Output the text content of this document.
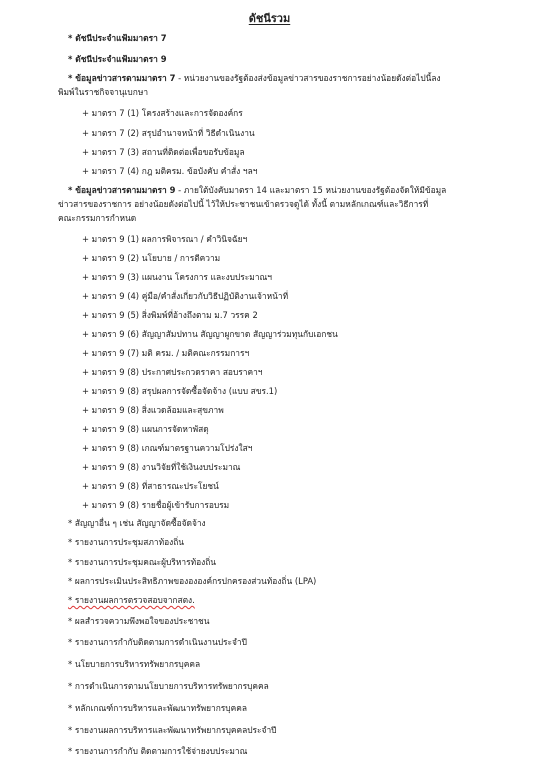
ดัชนีรวม
* ดัชนีประจำแฟ้มมาตรา 7
* ดัชนีประจำแฟ้มมาตรา 9
* ข้อมูลข่าวสารตามมาตรา 7 - หน่วยงานของรัฐต้องส่งข้อมูลข่าวสารของราชการอย่างน้อยดังต่อไปนี้ลง
พิมพ์ในราชกิจจานุเบกษา
+ มาตรา 7 (1) โครงสร้างและการจัดองค์กร
+ มาตรา 7 (2) สรุปอำนาจหน้าที่ วิธีดำเนินงาน
+ มาตรา 7 (3) สถานที่ติดต่อเพื่อขอรับข้อมูล
+ มาตรา 7 (4) กฎ มติครม. ข้อบังคับ คำสั่ง ฯลฯ
* ข้อมูลข่าวสารตามมาตรา 9 - ภายใต้บังคับมาตรา 14 และมาตรา 15 หน่วยงานของรัฐต้องจัดให้มีข้อมูล
ข่าวสารของราชการ อย่างน้อยดังต่อไปนี้ ไว้ให้ประชาชนเข้าตรวจดูได้ ทั้งนี้ ตามหลักเกณฑ์และวิธีการที่
คณะกรรมการกำหนด
+ มาตรา 9 (1) ผลการพิจารณา / คำวินิจฉัยฯ
+ มาตรา 9 (2) นโยบาย / การตีความ
+ มาตรา 9 (3) แผนงาน โครงการ และงบประมาณฯ
+ มาตรา 9 (4) คู่มือ/คำสั่งเกี่ยวกับวิธีปฏิบัติงานเจ้าหน้าที่
+ มาตรา 9 (5) สิ่งพิมพ์ที่อ้างถึงตาม ม.7 วรรค 2
+ มาตรา 9 (6) สัญญาสัมปทาน สัญญาผูกขาด สัญญาร่วมทุนกับเอกชน
+ มาตรา 9 (7) มติ ครม. / มติคณะกรรมการฯ
+ มาตรา 9 (8) ประกาศประกวดราคา สอบราคาฯ
+ มาตรา 9 (8) สรุปผลการจัดซื้อจัดจ้าง (แบบ สขร.1)
+ มาตรา 9 (8) สิ่งแวดล้อมและสุขภาพ
+ มาตรา 9 (8) แผนการจัดหาพัสดุ
+ มาตรา 9 (8) เกณฑ์มาตรฐานความโปร่งใสฯ
+ มาตรา 9 (8) งานวิจัยที่ใช้เงินงบประมาณ
+ มาตรา 9 (8) ที่สาธารณะประโยชน์
+ มาตรา 9 (8) รายชื่อผู้เข้ารับการอบรม
* สัญญาอื่น ๆ เช่น สัญญาจัดซื้อจัดจ้าง
* รายงานการประชุมสภาท้องถิ่น
* รายงานการประชุมคณะผู้บริหารท้องถิ่น
* ผลการประเมินประสิทธิภาพของององค์กรปกครองส่วนท้องถิ่น (LPA)
* รายงานผลการตรวจสอบจากสตง.
* ผลสำรวจความพึงพอใจของประชาชน
* รายงานการกำกับติดตามการดำเนินงานประจำปี
* นโยบายการบริหารทรัพยากรบุคคล
* การดำเนินการตามนโยบายการบริหารทรัพยากรบุคคล
* หลักเกณฑ์การบริหารและพัฒนาทรัพยากรบุคคล
* รายงานผลการบริหารและพัฒนาทรัพยากรบุคคลประจำปี
* รายงานการกำกับ ติดตามการใช้จ่ายงบประมาณ
